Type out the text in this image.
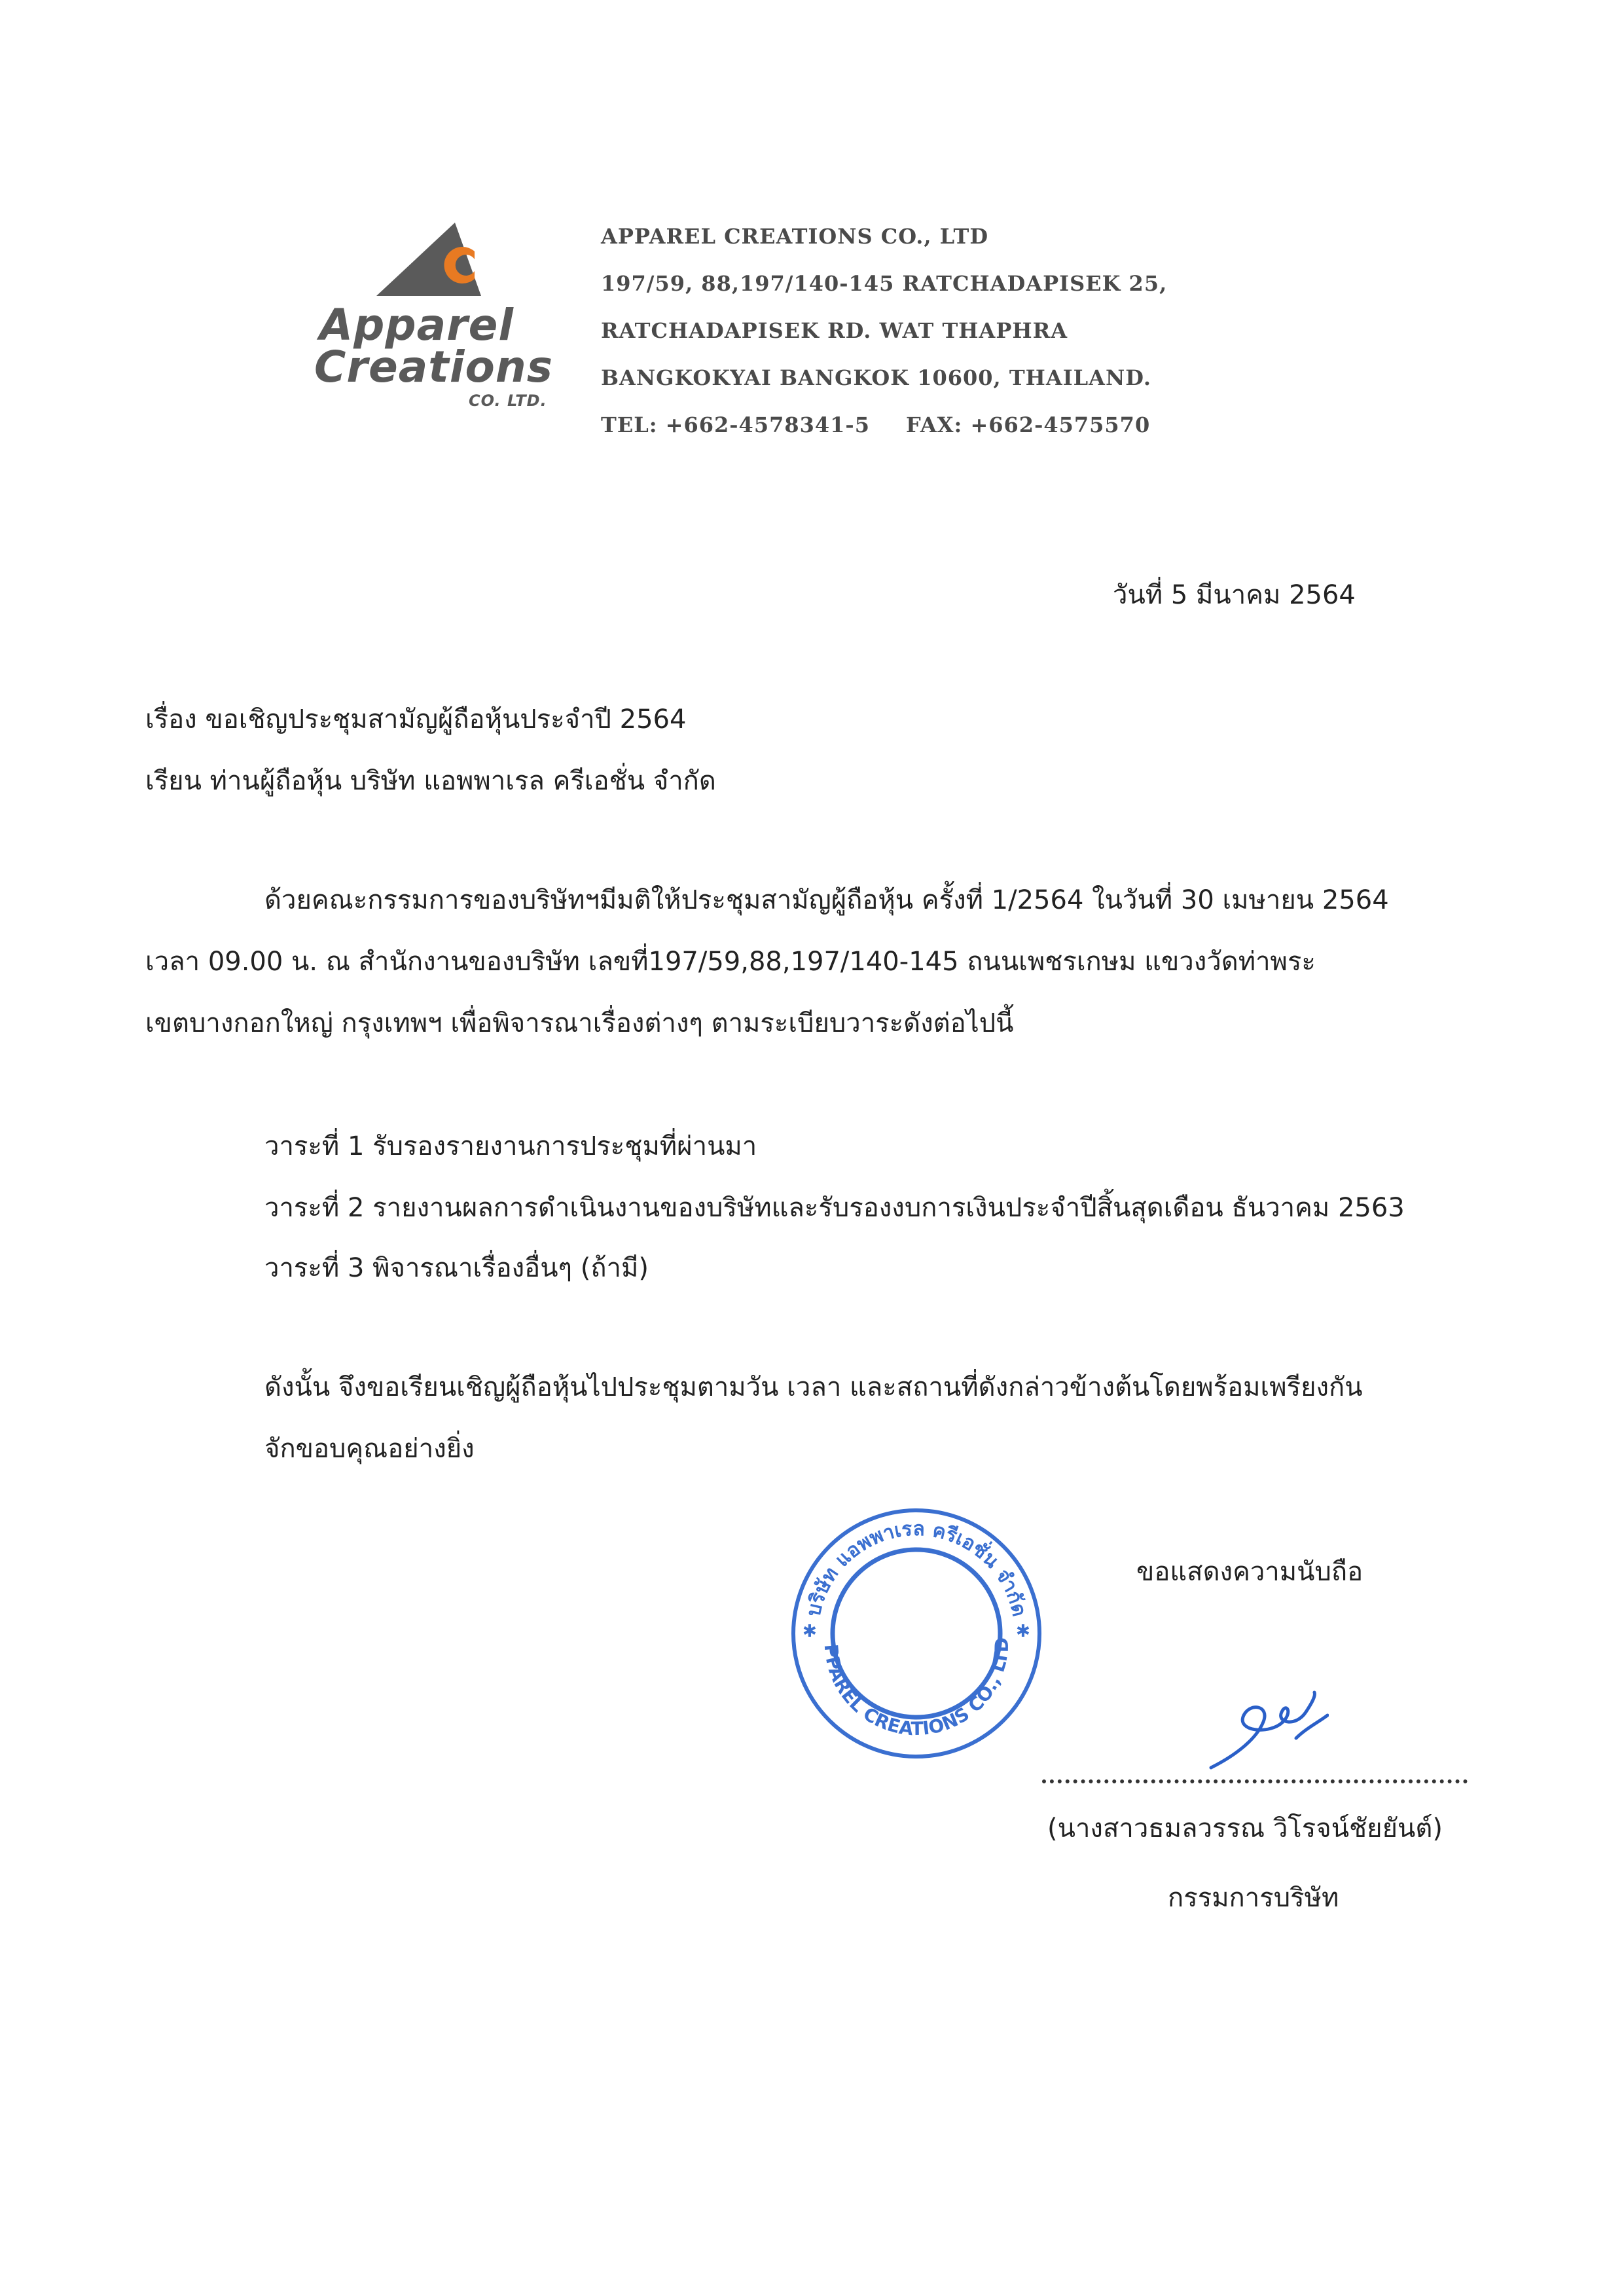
Apparel
Creations
CO. LTD.
APPAREL CREATIONS CO., LTD
197/59, 88,197/140-145 RATCHADAPISEK 25,
RATCHADAPISEK RD. WAT THAPHRA
BANGKOKYAI BANGKOK 10600, THAILAND.
TEL: +662-4578341-5 FAX: +662-4575570
วันที่ 5 มีนาคม 2564
เรื่อง ขอเชิญประชุมสามัญผู้ถือหุ้นประจำปี 2564
เรียน ท่านผู้ถือหุ้น บริษัท แอพพาเรล ครีเอชั่น จำกัด
ด้วยคณะกรรมการของบริษัทฯมีมติให้ประชุมสามัญผู้ถือหุ้น ครั้งที่ 1/2564 ในวันที่ 30 เมษายน 2564
เวลา 09.00 น. ณ สำนักงานของบริษัท เลขที่197/59,88,197/140-145 ถนนเพชรเกษม แขวงวัดท่าพระ
เขตบางกอกใหญ่ กรุงเทพฯ เพื่อพิจารณาเรื่องต่างๆ ตามระเบียบวาระดังต่อไปนี้
วาระที่ 1 รับรองรายงานการประชุมที่ผ่านมา
วาระที่ 2 รายงานผลการดำเนินงานของบริษัทและรับรองงบการเงินประจำปีสิ้นสุดเดือน ธันวาคม 2563
วาระที่ 3 พิจารณาเรื่องอื่นๆ (ถ้ามี)
ดังนั้น จึงขอเรียนเชิญผู้ถือหุ้นไปประชุมตามวัน เวลา และสถานที่ดังกล่าวข้างต้นโดยพร้อมเพรียงกัน
จักขอบคุณอย่างยิ่ง
ขอแสดงความนับถือ
บริษัท แอพพาเรล ครีเอชั่น จำกัด
PPAREL CREATIONS CO., LTD
✱	✱
(นางสาวธมลวรรณ วิโรจน์ชัยยันต์)
กรรมการบริษัท
